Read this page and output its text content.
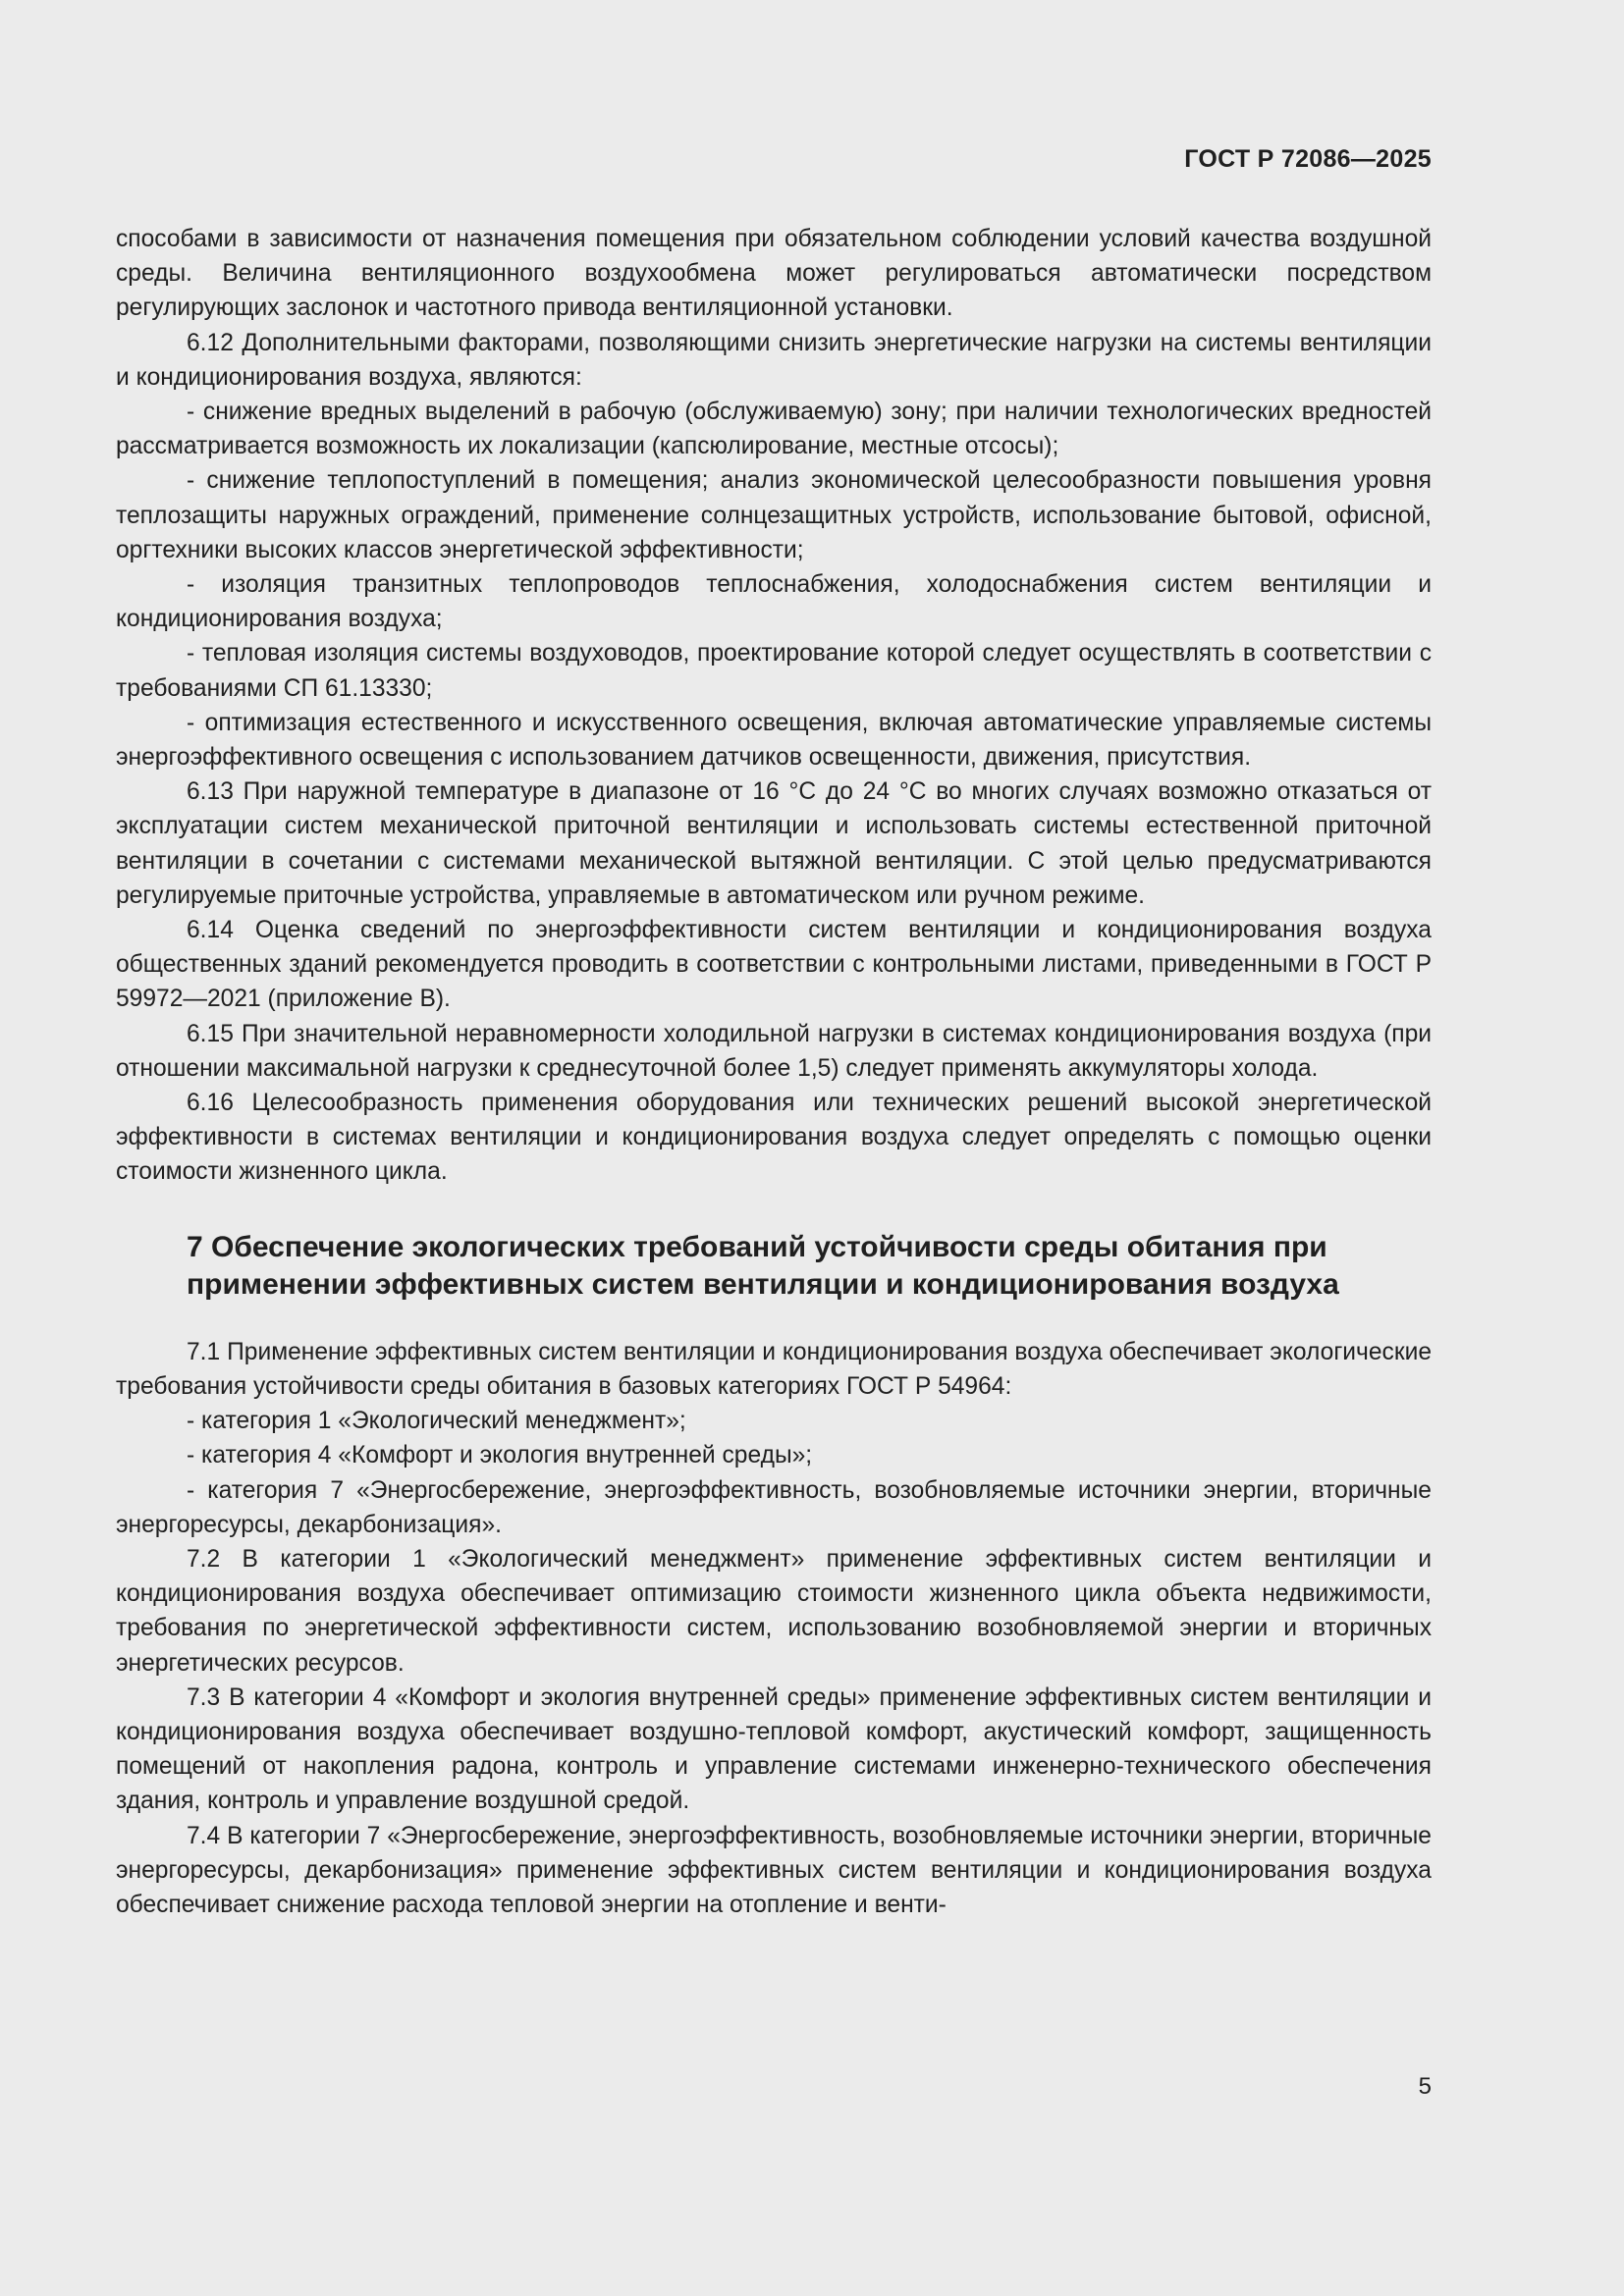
ГОСТ Р 72086—2025

способами в зависимости от назначения помещения при обязательном соблюдении условий качества воздушной среды. Величина вентиляционного воздухообмена может регулироваться автоматически посредством регулирующих заслонок и частотного привода вентиляционной установки.

6.12 Дополнительными факторами, позволяющими снизить энергетические нагрузки на системы вентиляции и кондиционирования воздуха, являются:

- снижение вредных выделений в рабочую (обслуживаемую) зону; при наличии технологических вредностей рассматривается возможность их локализации (капсюлирование, местные отсосы);

- снижение теплопоступлений в помещения; анализ экономической целесообразности повышения уровня теплозащиты наружных ограждений, применение солнцезащитных устройств, использование бытовой, офисной, оргтехники высоких классов энергетической эффективности;

- изоляция транзитных теплопроводов теплоснабжения, холодоснабжения систем вентиляции и кондиционирования воздуха;

- тепловая изоляция системы воздуховодов, проектирование которой следует осуществлять в соответствии с требованиями СП 61.13330;

- оптимизация естественного и искусственного освещения, включая автоматические управляемые системы энергоэффективного освещения с использованием датчиков освещенности, движения, присутствия.

6.13 При наружной температуре в диапазоне от 16 °С до 24 °С во многих случаях возможно отказаться от эксплуатации систем механической приточной вентиляции и использовать системы естественной приточной вентиляции в сочетании с системами механической вытяжной вентиляции. С этой целью предусматриваются регулируемые приточные устройства, управляемые в автоматическом или ручном режиме.

6.14 Оценка сведений по энергоэффективности систем вентиляции и кондиционирования воздуха общественных зданий рекомендуется проводить в соответствии с контрольными листами, приведенными в ГОСТ Р 59972—2021 (приложение В).

6.15 При значительной неравномерности холодильной нагрузки в системах кондиционирования воздуха (при отношении максимальной нагрузки к среднесуточной более 1,5) следует применять аккумуляторы холода.

6.16 Целесообразность применения оборудования или технических решений высокой энергетической эффективности в системах вентиляции и кондиционирования воздуха следует определять с помощью оценки стоимости жизненного цикла.

7 Обеспечение экологических требований устойчивости среды обитания при применении эффективных систем вентиляции и кондиционирования воздуха

7.1 Применение эффективных систем вентиляции и кондиционирования воздуха обеспечивает экологические требования устойчивости среды обитания в базовых категориях ГОСТ Р 54964:

- категория 1 «Экологический менеджмент»;

- категория 4 «Комфорт и экология внутренней среды»;

- категория 7 «Энергосбережение, энергоэффективность, возобновляемые источники энергии, вторичные энергоресурсы, декарбонизация».

7.2 В категории 1 «Экологический менеджмент» применение эффективных систем вентиляции и кондиционирования воздуха обеспечивает оптимизацию стоимости жизненного цикла объекта недвижимости, требования по энергетической эффективности систем, использованию возобновляемой энергии и вторичных энергетических ресурсов.

7.3 В категории 4 «Комфорт и экология внутренней среды» применение эффективных систем вентиляции и кондиционирования воздуха обеспечивает воздушно-тепловой комфорт, акустический комфорт, защищенность помещений от накопления радона, контроль и управление системами инженерно-технического обеспечения здания, контроль и управление воздушной средой.

7.4 В категории 7 «Энергосбережение, энергоэффективность, возобновляемые источники энергии, вторичные энергоресурсы, декарбонизация» применение эффективных систем вентиляции и кондиционирования воздуха обеспечивает снижение расхода тепловой энергии на отопление и венти-

5
